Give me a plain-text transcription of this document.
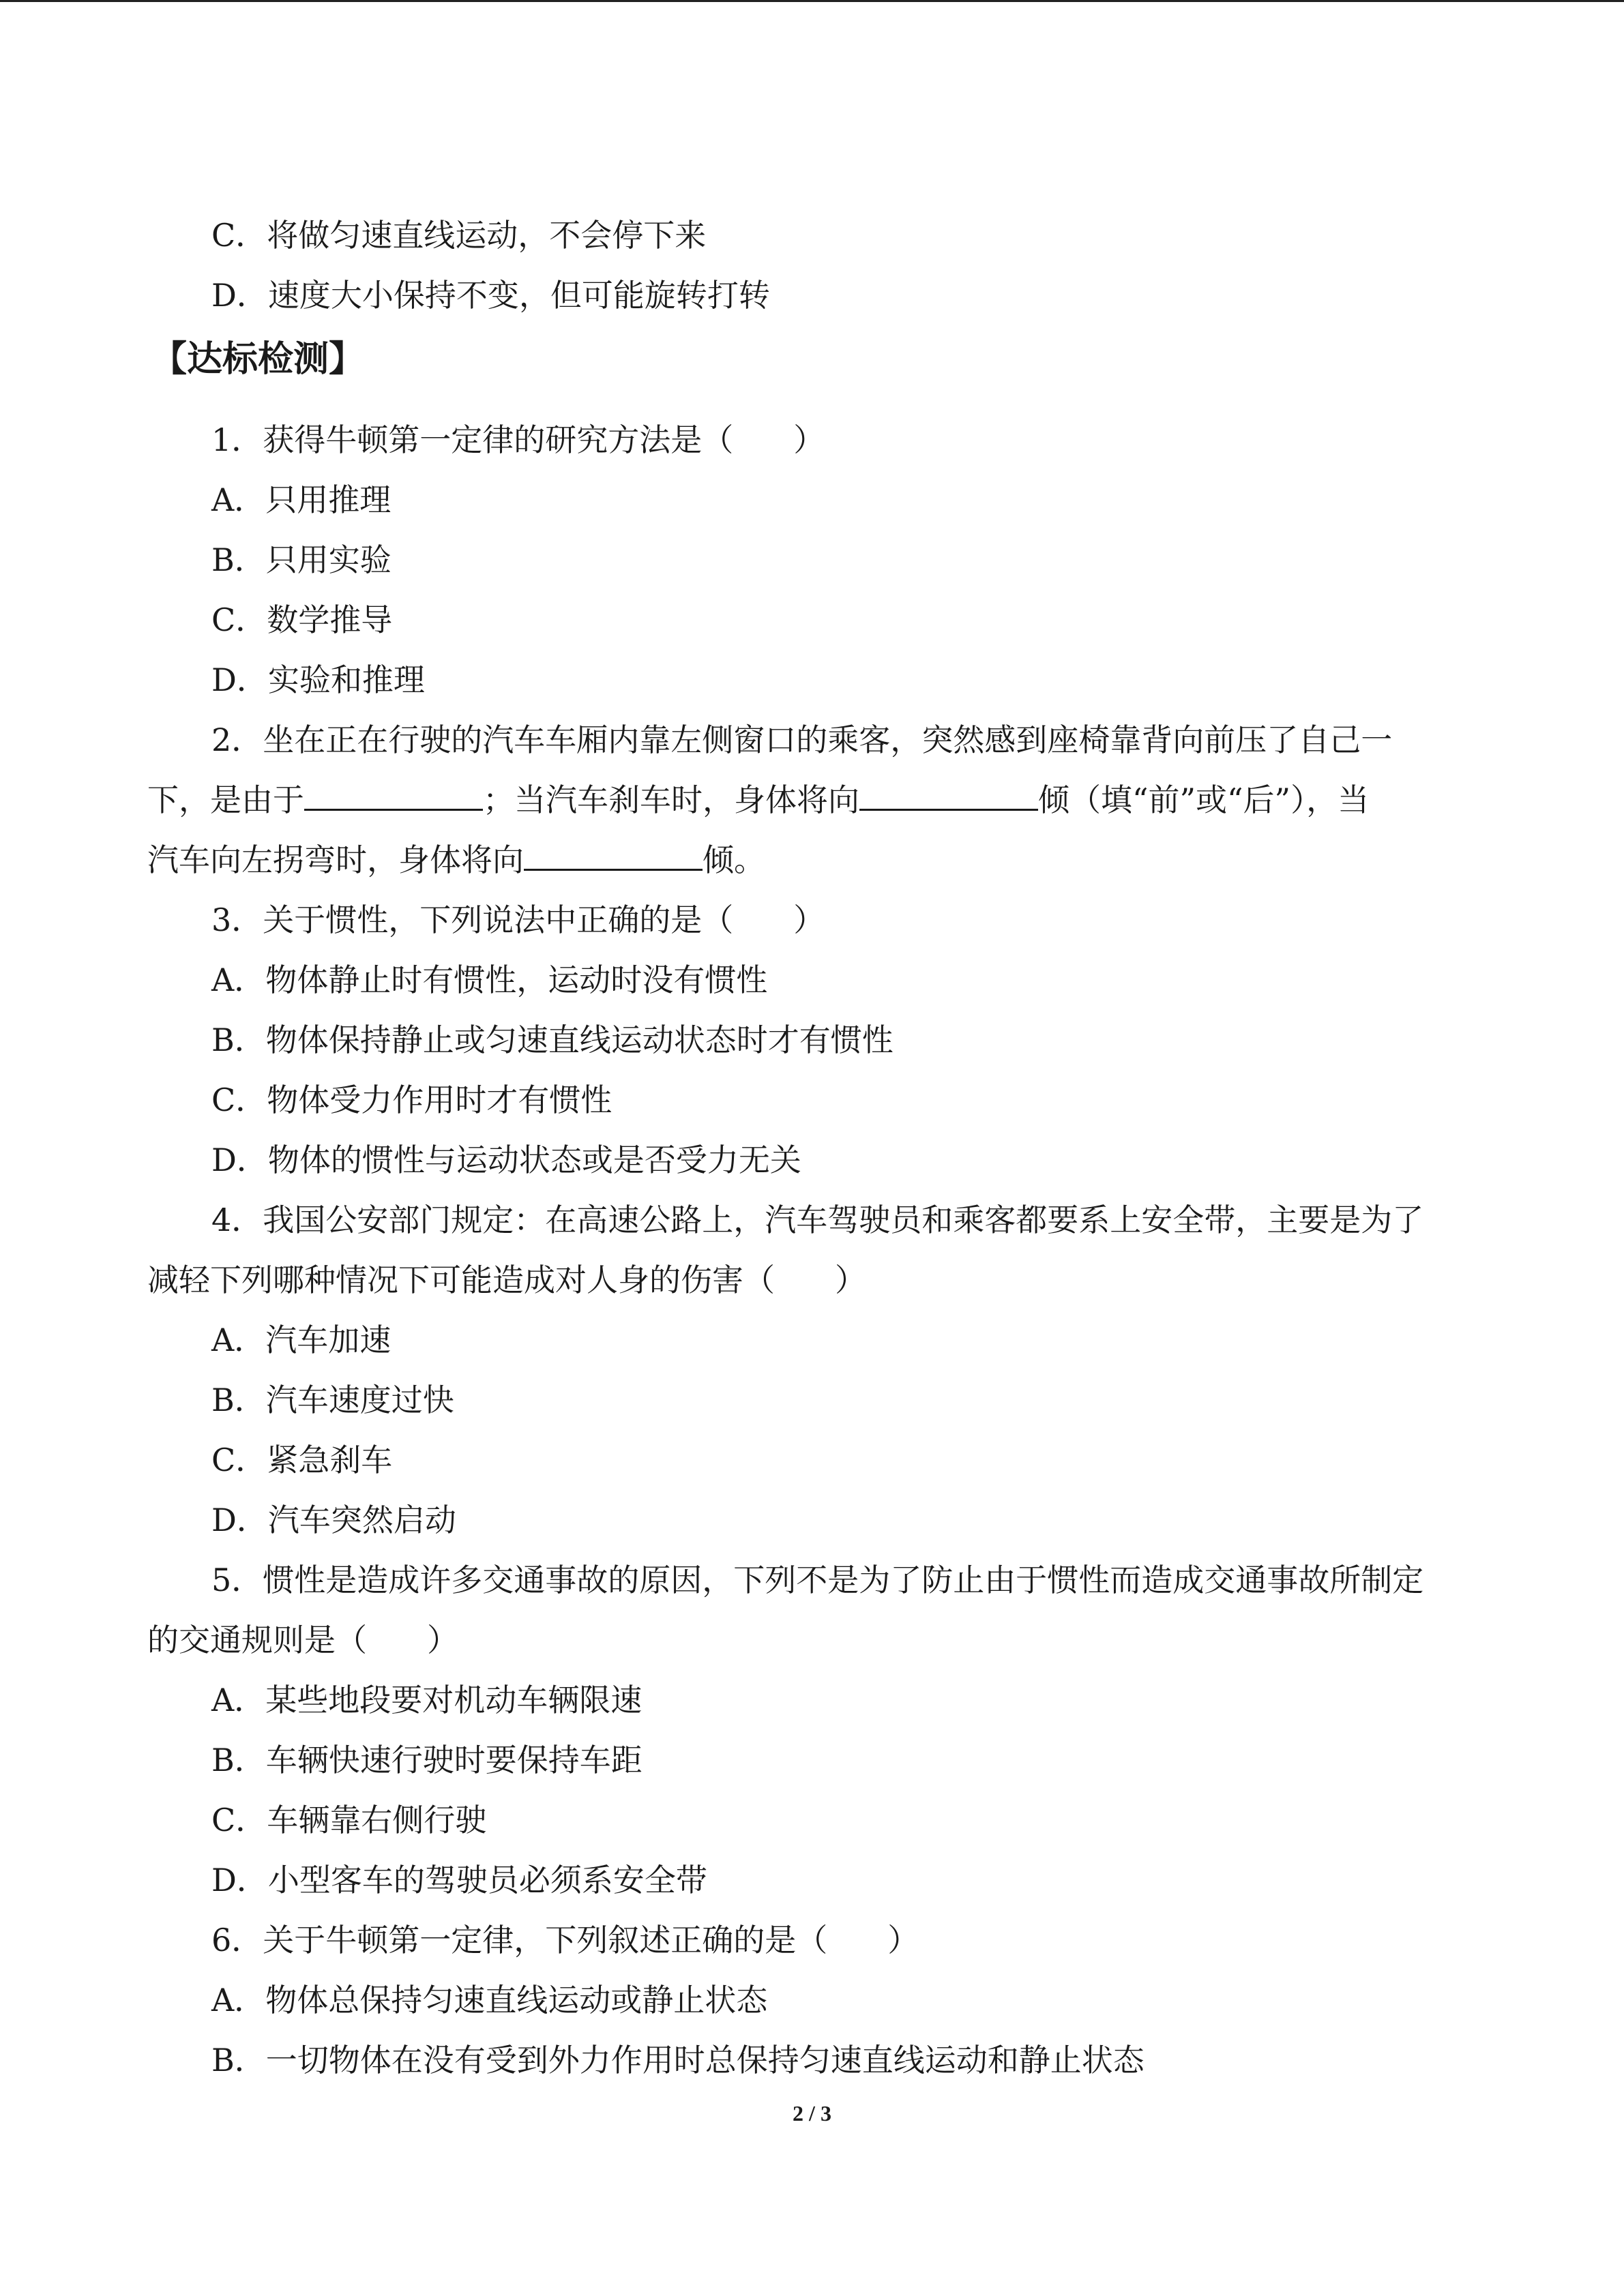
C．将做匀速直线运动，不会停下来
D．速度大小保持不变，但可能旋转打转
【达标检测】
1．获得牛顿第一定律的研究方法是（ ）
A．只用推理
B．只用实验
C．数学推导
D．实验和推理
2．坐在正在行驶的汽车车厢内靠左侧窗口的乘客，突然感到座椅靠背向前压了自己一
下，是由于	；当汽车刹车时，身体将向	倾（填“前”或“后”），当
汽车向左拐弯时，身体将向	倾。
3．关于惯性，下列说法中正确的是（ ）
A．物体静止时有惯性，运动时没有惯性
B．物体保持静止或匀速直线运动状态时才有惯性
C．物体受力作用时才有惯性
D．物体的惯性与运动状态或是否受力无关
4．我国公安部门规定：在高速公路上，汽车驾驶员和乘客都要系上安全带，主要是为了
减轻下列哪种情况下可能造成对人身的伤害（ ）
A．汽车加速
B．汽车速度过快
C．紧急刹车
D．汽车突然启动
5．惯性是造成许多交通事故的原因，下列不是为了防止由于惯性而造成交通事故所制定
的交通规则是（ ）
A．某些地段要对机动车辆限速
B．车辆快速行驶时要保持车距
C．车辆靠右侧行驶
D．小型客车的驾驶员必须系安全带
6．关于牛顿第一定律，下列叙述正确的是（ ）
A．物体总保持匀速直线运动或静止状态
B．一切物体在没有受到外力作用时总保持匀速直线运动和静止状态
2 / 3
